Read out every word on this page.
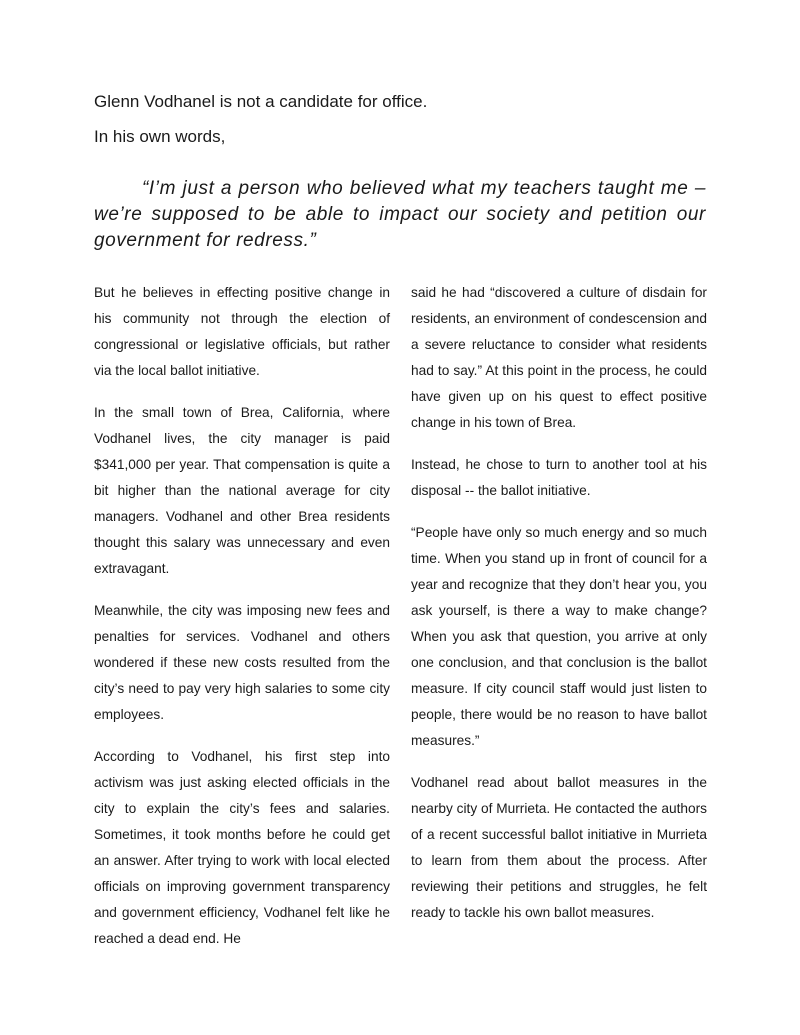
Glenn Vodhanel is not a candidate for office.

In his own words,

“I’m just a person who believed what my teachers taught me – we’re supposed to be able to impact our society and petition our government for redress.”

But he believes in effecting positive change in his community not through the election of congressional or legislative officials, but rather via the local ballot initiative.

In the small town of Brea, California, where Vodhanel lives, the city manager is paid $341,000 per year. That compensation is quite a bit higher than the national average for city managers. Vodhanel and other Brea residents thought this salary was unnecessary and even extravagant.

Meanwhile, the city was imposing new fees and penalties for services. Vodhanel and others wondered if these new costs resulted from the city’s need to pay very high salaries to some city employees.

According to Vodhanel, his first step into activism was just asking elected officials in the city to explain the city’s fees and salaries. Sometimes, it took months before he could get an answer. After trying to work with local elected officials on improving government transparency and government efficiency, Vodhanel felt like he reached a dead end. He

said he had “discovered a culture of disdain for residents, an environment of condescension and a severe reluctance to consider what residents had to say.” At this point in the process, he could have given up on his quest to effect positive change in his town of Brea.

Instead, he chose to turn to another tool at his disposal -- the ballot initiative.

“People have only so much energy and so much time. When you stand up in front of council for a year and recognize that they don’t hear you, you ask yourself, is there a way to make change? When you ask that question, you arrive at only one conclusion, and that conclusion is the ballot measure. If city council staff would just listen to people, there would be no reason to have ballot measures.”

Vodhanel read about ballot measures in the nearby city of Murrieta. He contacted the authors of a recent successful ballot initiative in Murrieta to learn from them about the process. After reviewing their petitions and struggles, he felt ready to tackle his own ballot measures.
